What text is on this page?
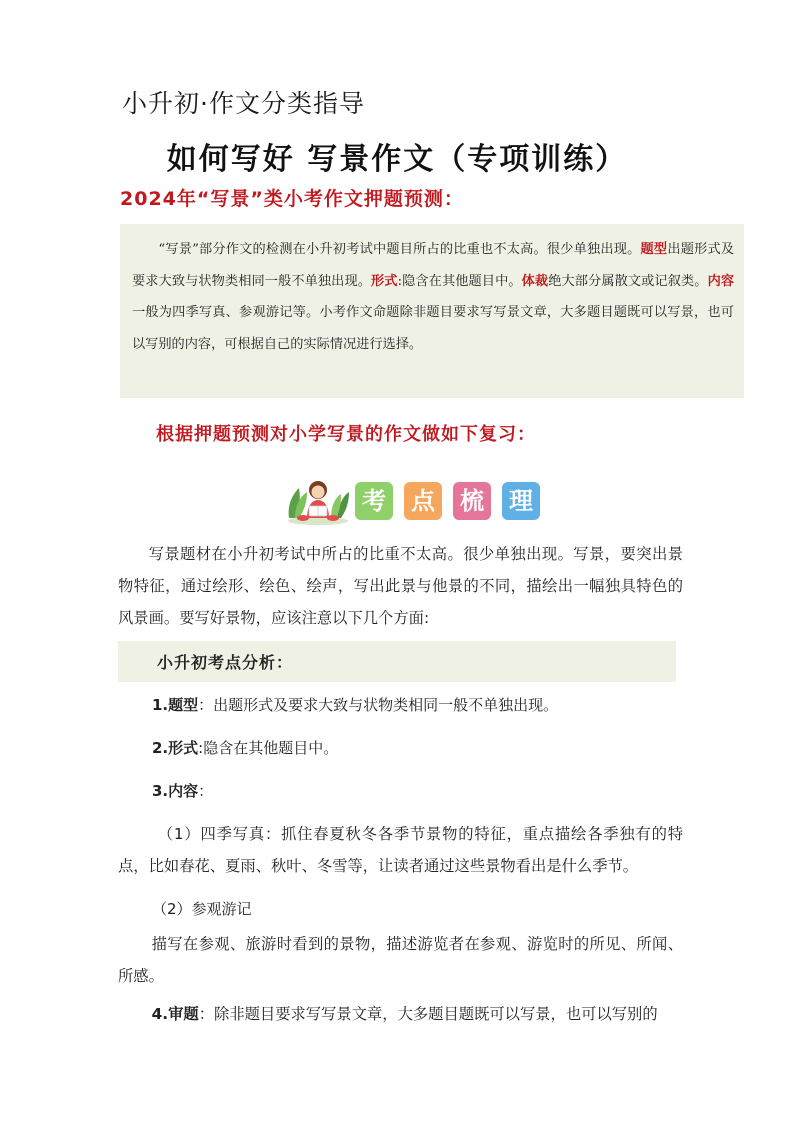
小升初·作文分类指导
如何写好 写景作文（专项训练）
2024年“写景”类小考作文押题预测：

“写景”部分作文的检测在小升初考试中题目所占的比重也不太高。很少单独出现。题型出题形式及要求大致与状物类相同一般不单独出现。形式:隐含在其他题目中。体裁绝大部分属散文或记叙类。内容一般为四季写真、参观游记等。小考作文命题除非题目要求写写景文章，大多题目题既可以写景，也可以写别的内容，可根据自己的实际情况进行选择。

根据押题预测对小学写景的作文做如下复习：
考 点 梳 理
写景题材在小升初考试中所占的比重不太高。很少单独出现。写景，要突出景物特征，通过绘形、绘色、绘声，写出此景与他景的不同，描绘出一幅独具特色的风景画。要写好景物，应该注意以下几个方面:
小升初考点分析：
1.题型：出题形式及要求大致与状物类相同一般不单独出现。
2.形式:隐含在其他题目中。
3.内容：
（1）四季写真：抓住春夏秋冬各季节景物的特征，重点描绘各季独有的特点，比如春花、夏雨、秋叶、冬雪等，让读者通过这些景物看出是什么季节。
（2）参观游记
描写在参观、旅游时看到的景物，描述游览者在参观、游览时的所见、所闻、所感。
4.审题：除非题目要求写写景文章，大多题目题既可以写景，也可以写别的
